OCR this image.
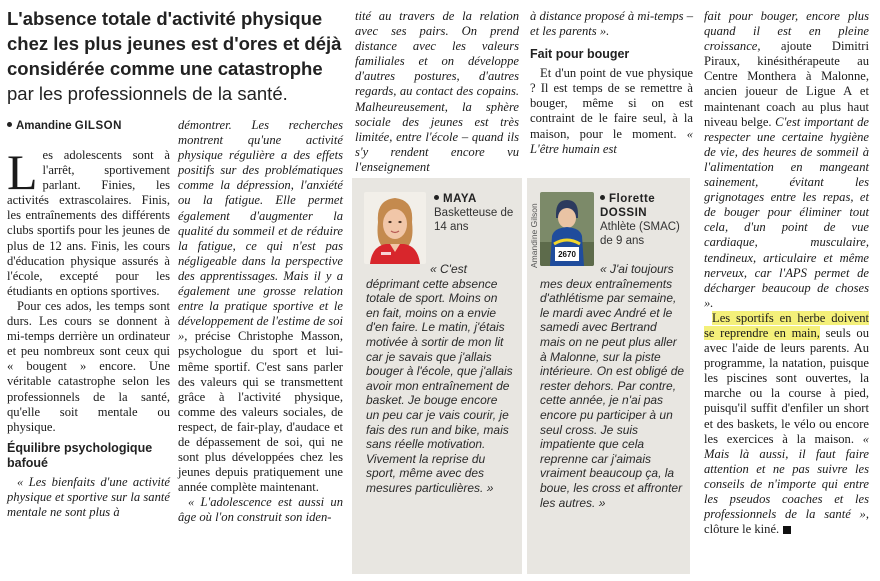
L'absence totale d'activité physique chez les plus jeunes est d'ores et déjà considérée comme une catastrophe par les professionnels de la santé.
Amandine GILSON

Les adolescents sont à l'arrêt, sportivement parlant. Finies, les activités extrascolaires. Finis, les entraînements des différents clubs sportifs pour les jeunes de plus de 12 ans. Finis, les cours d'éducation physique assurés à l'école, excepté pour les étudiants en options sportives.

Pour ces ados, les temps sont durs. Les cours se donnent à mi-temps derrière un ordinateur et peu nombreux sont ceux qui « bougent » encore. Une véritable catastrophe selon les professionnels de la santé, qu'elle soit mentale ou physique.

Équilibre psychologique bafoué

« Les bienfaits d'une activité physique et sportive sur la santé mentale ne sont plus à

démontrer. Les recherches montrent qu'une activité physique régulière a des effets positifs sur des problématiques comme la dépression, l'anxiété ou la fatigue. Elle permet également d'augmenter la qualité du sommeil et de réduire la fatigue, ce qui n'est pas négligeable dans la perspective des apprentissages. Mais il y a également une grosse relation entre la pratique sportive et le développement de l'estime de soi », précise Christophe Masson, psychologue du sport et lui-même sportif. C'est sans parler des valeurs qui se transmettent grâce à l'activité physique, comme des valeurs sociales, de respect, de fair-play, d'audace et de dépassement de soi, qui ne sont plus développées chez les jeunes depuis pratiquement une année complète maintenant.

« L'adolescence est aussi un âge où l'on construit son iden-

tité au travers de la relation avec ses pairs. On prend distance avec les valeurs familiales et on développe d'autres postures, d'autres regards, au contact des copains. Malheureusement, la sphère sociale des jeunes est très limitée, entre l'école – quand ils s'y rendent encore vu l'enseignement

à distance proposé à mi-temps – et les parents ».

Fait pour bouger

Et d'un point de vue physique ? Il est temps de se remettre à bouger, même si on est contraint de le faire seul, à la maison, pour le moment. « L'être humain est

fait pour bouger, encore plus quand il est en pleine croissance, ajoute Dimitri Piraux, kinésithérapeute au Centre Monthera à Malonne, ancien joueur de Ligue A et maintenant coach au plus haut niveau belge. C'est important de respecter une certaine hygiène de vie, des heures de sommeil à l'alimentation en mangeant sainement, évitant les grignotages entre les repas, et de bouger pour éliminer tout cela, d'un point de vue cardiaque, musculaire, tendineux, articulaire et même nerveux, car l'APS permet de décharger beaucoup de choses ».

Les sportifs en herbe doivent se reprendre en main, seuls ou avec l'aide de leurs parents. Au programme, la natation, puisque les piscines sont ouvertes, la marche ou la course à pied, puisqu'il suffit d'enfiler un short et des baskets, le vélo ou encore les exercices à la maison. « Mais là aussi, il faut faire attention et ne pas suivre les conseils de n'importe qui entre les pseudos coaches et les professionnels de la santé », clôture le kiné.

MAYA
Basketteuse de 14 ans
« C'est déprimant cette absence totale de sport. Moins on en fait, moins on a envie d'en faire. Le matin, j'étais motivée à sortir de mon lit car je savais que j'allais bouger à l'école, que j'allais avoir mon entraînement de basket. Je bouge encore un peu car je vais courir, je fais des run and bike, mais sans réelle motivation. Vivement la reprise du sport, même avec des mesures particulières. »
Amandine Gilson 2670
Florette
DOSSIN
Athlète (SMAC) de 9 ans
« J'ai toujours mes deux entraînements d'athlétisme par semaine, le mardi avec André et le samedi avec Bertrand mais on ne peut plus aller à Malonne, sur la piste intérieure. On est obligé de rester dehors. Par contre, cette année, je n'ai pas encore pu participer à un seul cross. Je suis impatiente que cela reprenne car j'aimais vraiment beaucoup ça, la boue, les cross et affronter les autres. »
